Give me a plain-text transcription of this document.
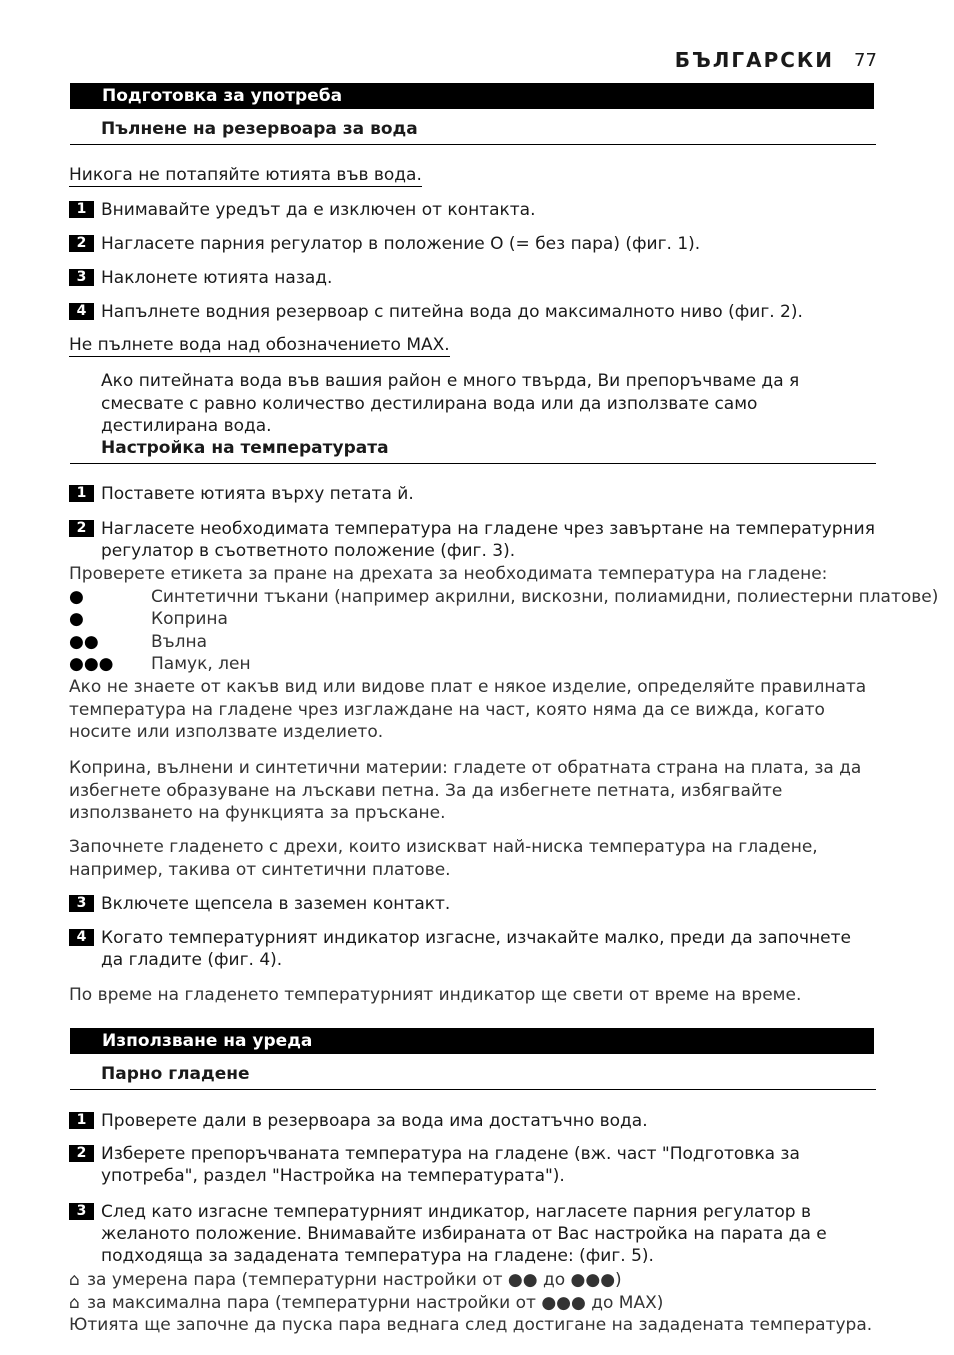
БЪЛГАРСКИ 77
Подготовка за употреба
Пълнене на резервоара за вода
Никога не потапяйте ютията във вода.
1 Внимавайте уредът да е изключен от контакта.
2 Нагласете парния регулатор в положение O (= без пара) (фиг. 1).
3 Наклонете ютията назад.
4 Напълнете водния резервоар с питейна вода до максималното ниво (фиг. 2).
Не пълнете вода над обозначението MAX.
Ако питейната вода във вашия район е много твърда, Ви препоръчваме да я смесвате с равно количество дестилирана вода или да използвате само дестилирана вода.
Настройка на температурата
1 Поставете ютията върху петата й.
2 Нагласете необходимата температура на гладене чрез завъртане на температурния регулатор в съответното положение (фиг. 3).
Проверете етикета за пране на дрехата за необходимата температура на гладене:
●	Синтетични тъкани (например акрилни, вискозни, полиамидни, полиестерни платове)
●	Коприна
●●	Вълна
●●● Памук, лен
Ако не знаете от какъв вид или видове плат е някое изделие, определяйте правилната температура на гладене чрез изглаждане на част, която няма да се вижда, когато носите или използвате изделието.
Коприна, вълнени и синтетични материи: гладете от обратната страна на плата, за да избегнете образуване на лъскави петна. За да избегнете петната, избягвайте използването на функцията за пръскане.
Започнете гладенето с дрехи, които изискват най-ниска температура на гладене, например, такива от синтетични платове.
3 Включете щепсела в заземен контакт.
4 Когато температурният индикатор изгасне, изчакайте малко, преди да започнете да гладите (фиг. 4).
По време на гладенето температурният индикатор ще свети от време на време.
Използване на уреда
Парно гладене
1 Проверете дали в резервоара за вода има достатъчно вода.
2 Изберете препоръчваната температура на гладене (вж. част "Подготовка за употреба", раздел "Настройка на температурата").
3 След като изгасне температурният индикатор, нагласете парния регулатор в желаното положение. Внимавайте избираната от Вас настройка на парата да е подходяща за зададената температура на гладене: (фиг. 5).
⌂ за умерена пара (температурни настройки от ●● до ●●●)
⌂ за максимална пара (температурни настройки от ●●● до MAX)
Ютията ще започне да пуска пара веднага след достигане на зададената температура.
